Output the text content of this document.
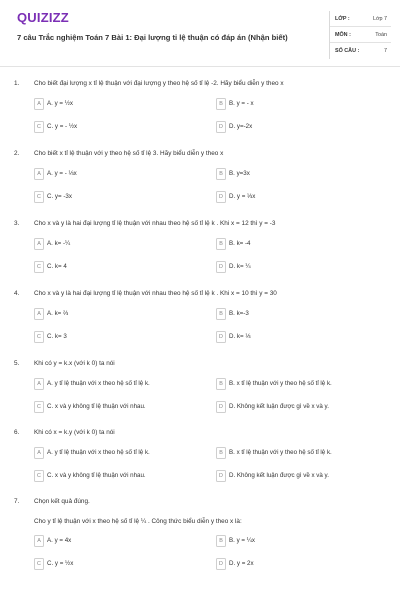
QUIZIZZ
7 câu Trắc nghiệm Toán 7 Bài 1: Đại lượng tỉ lệ thuận có đáp án (Nhận biết)
LỚP :	Lớp 7
MÔN :	Toán
SỐ CÂU :	7
1. Cho biết đại lượng x tỉ lệ thuận với đại lượng y theo hệ số tỉ lệ -2. Hãy biểu diễn y theo x
A	A. y = ½x	B	B. y = - x
C C. y = - ½x	D D. y=-2x
2. Cho biết x tỉ lệ thuận với y theo hệ số tỉ lệ 3. Hãy biểu diễn y theo x
A	A. y = - ⅓x	B	B. y=3x
C C. y= -3x	D D. y = ⅓x
3. Cho x và y là hai đại lượng tỉ lệ thuận với nhau theo hệ số tỉ lệ k . Khi x = 12 thì y = -3
A	A. k= -¼	B	B. k= -4
C C. k= 4	D D. k= ¼
4. Cho x và y là hai đại lượng tỉ lệ thuận với nhau theo hệ số tỉ lệ k . Khi x = 10 thì y = 30
A	A. k= ⅔	B	B. k=-3
C C. k= 3	D D. k= ⅓
5. Khi có y = k.x (với k 0) ta nói
A	A. y tỉ lệ thuận với x theo hệ số tỉ lệ k.	B	B. x tỉ lệ thuận với y theo hệ số tỉ lệ k.
C C. x và y không tỉ lệ thuận với nhau.	D D. Không kết luận được gì về x và y.
6. Khi có x = k.y (với k 0) ta nói
A	A. y tỉ lệ thuận với x theo hệ số tỉ lệ k.	B	B. x tỉ lệ thuận với y theo hệ số tỉ lệ k.
C C. x và y không tỉ lệ thuận với nhau.	D D. Không kết luận được gì về x và y.
7. Chọn kết quả đúng.
Cho y tỉ lệ thuận với x theo hệ số tỉ lệ ¼ . Công thức biểu diễn y theo x là:
A	A. y = 4x	B	B. y = ¼x
C C. y = ½x	D D. y = 2x
